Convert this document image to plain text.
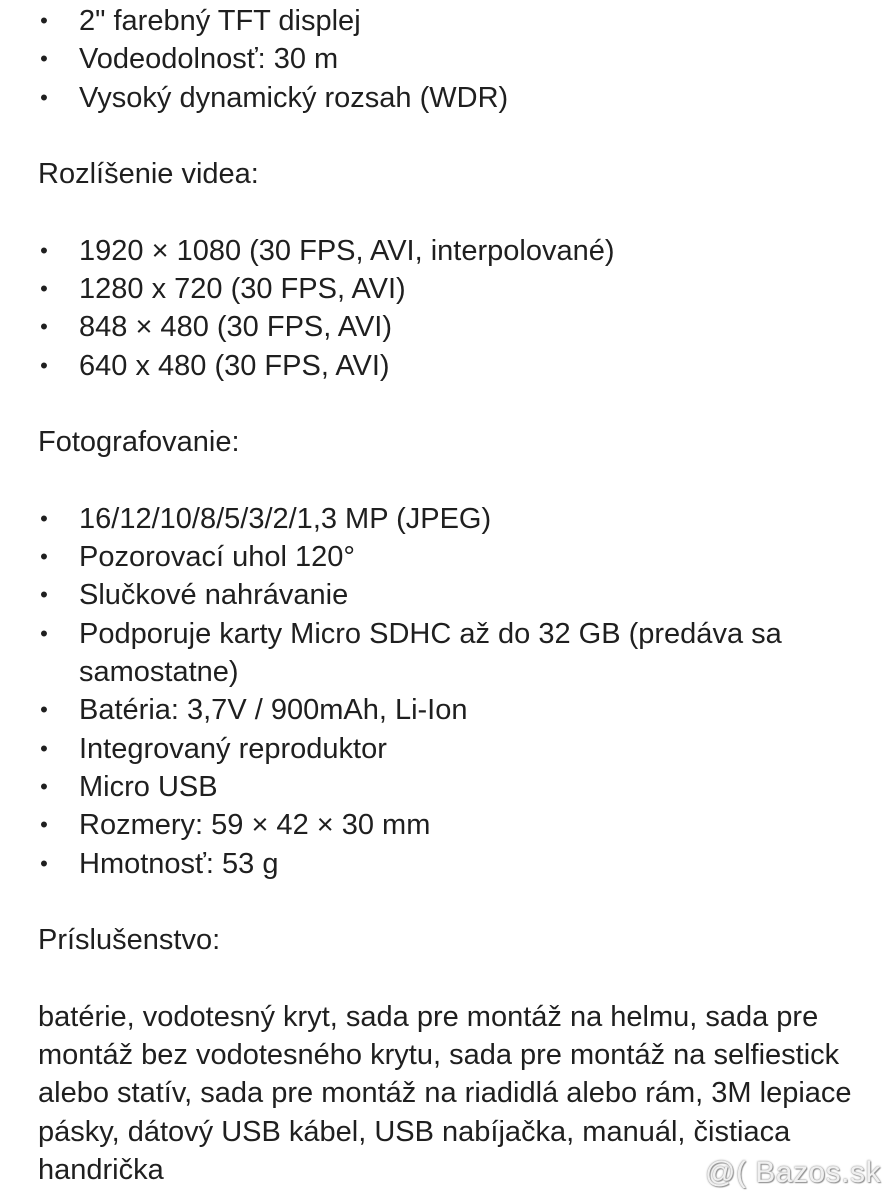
• 2" farebný TFT displej
• Vodeodolnosť: 30 m
• Vysoký dynamický rozsah (WDR)

Rozlíšenie videa:

• 1920 × 1080 (30 FPS, AVI, interpolované)
• 1280 x 720 (30 FPS, AVI)
• 848 × 480 (30 FPS, AVI)
• 640 x 480 (30 FPS, AVI)

Fotografovanie:

• 16/12/10/8/5/3/2/1,3 MP (JPEG)
• Pozorovací uhol 120°
• Slučkové nahrávanie
• Podporuje karty Micro SDHC až do 32 GB (predáva sa samostatne)
• Batéria: 3,7V / 900mAh, Li-Ion
• Integrovaný reproduktor
• Micro USB
• Rozmery: 59 × 42 × 30 mm
• Hmotnosť: 53 g

Príslušenstvo:

batérie, vodotesný kryt, sada pre montáž na helmu, sada pre montáž bez vodotesného krytu, sada pre montáž na selfiestick alebo statív, sada pre montáž na riadidlá alebo rám, 3M lepiace pásky, dátový USB kábel, USB nabíjačka, manuál, čistiaca handrička	@( Bazos.sk
